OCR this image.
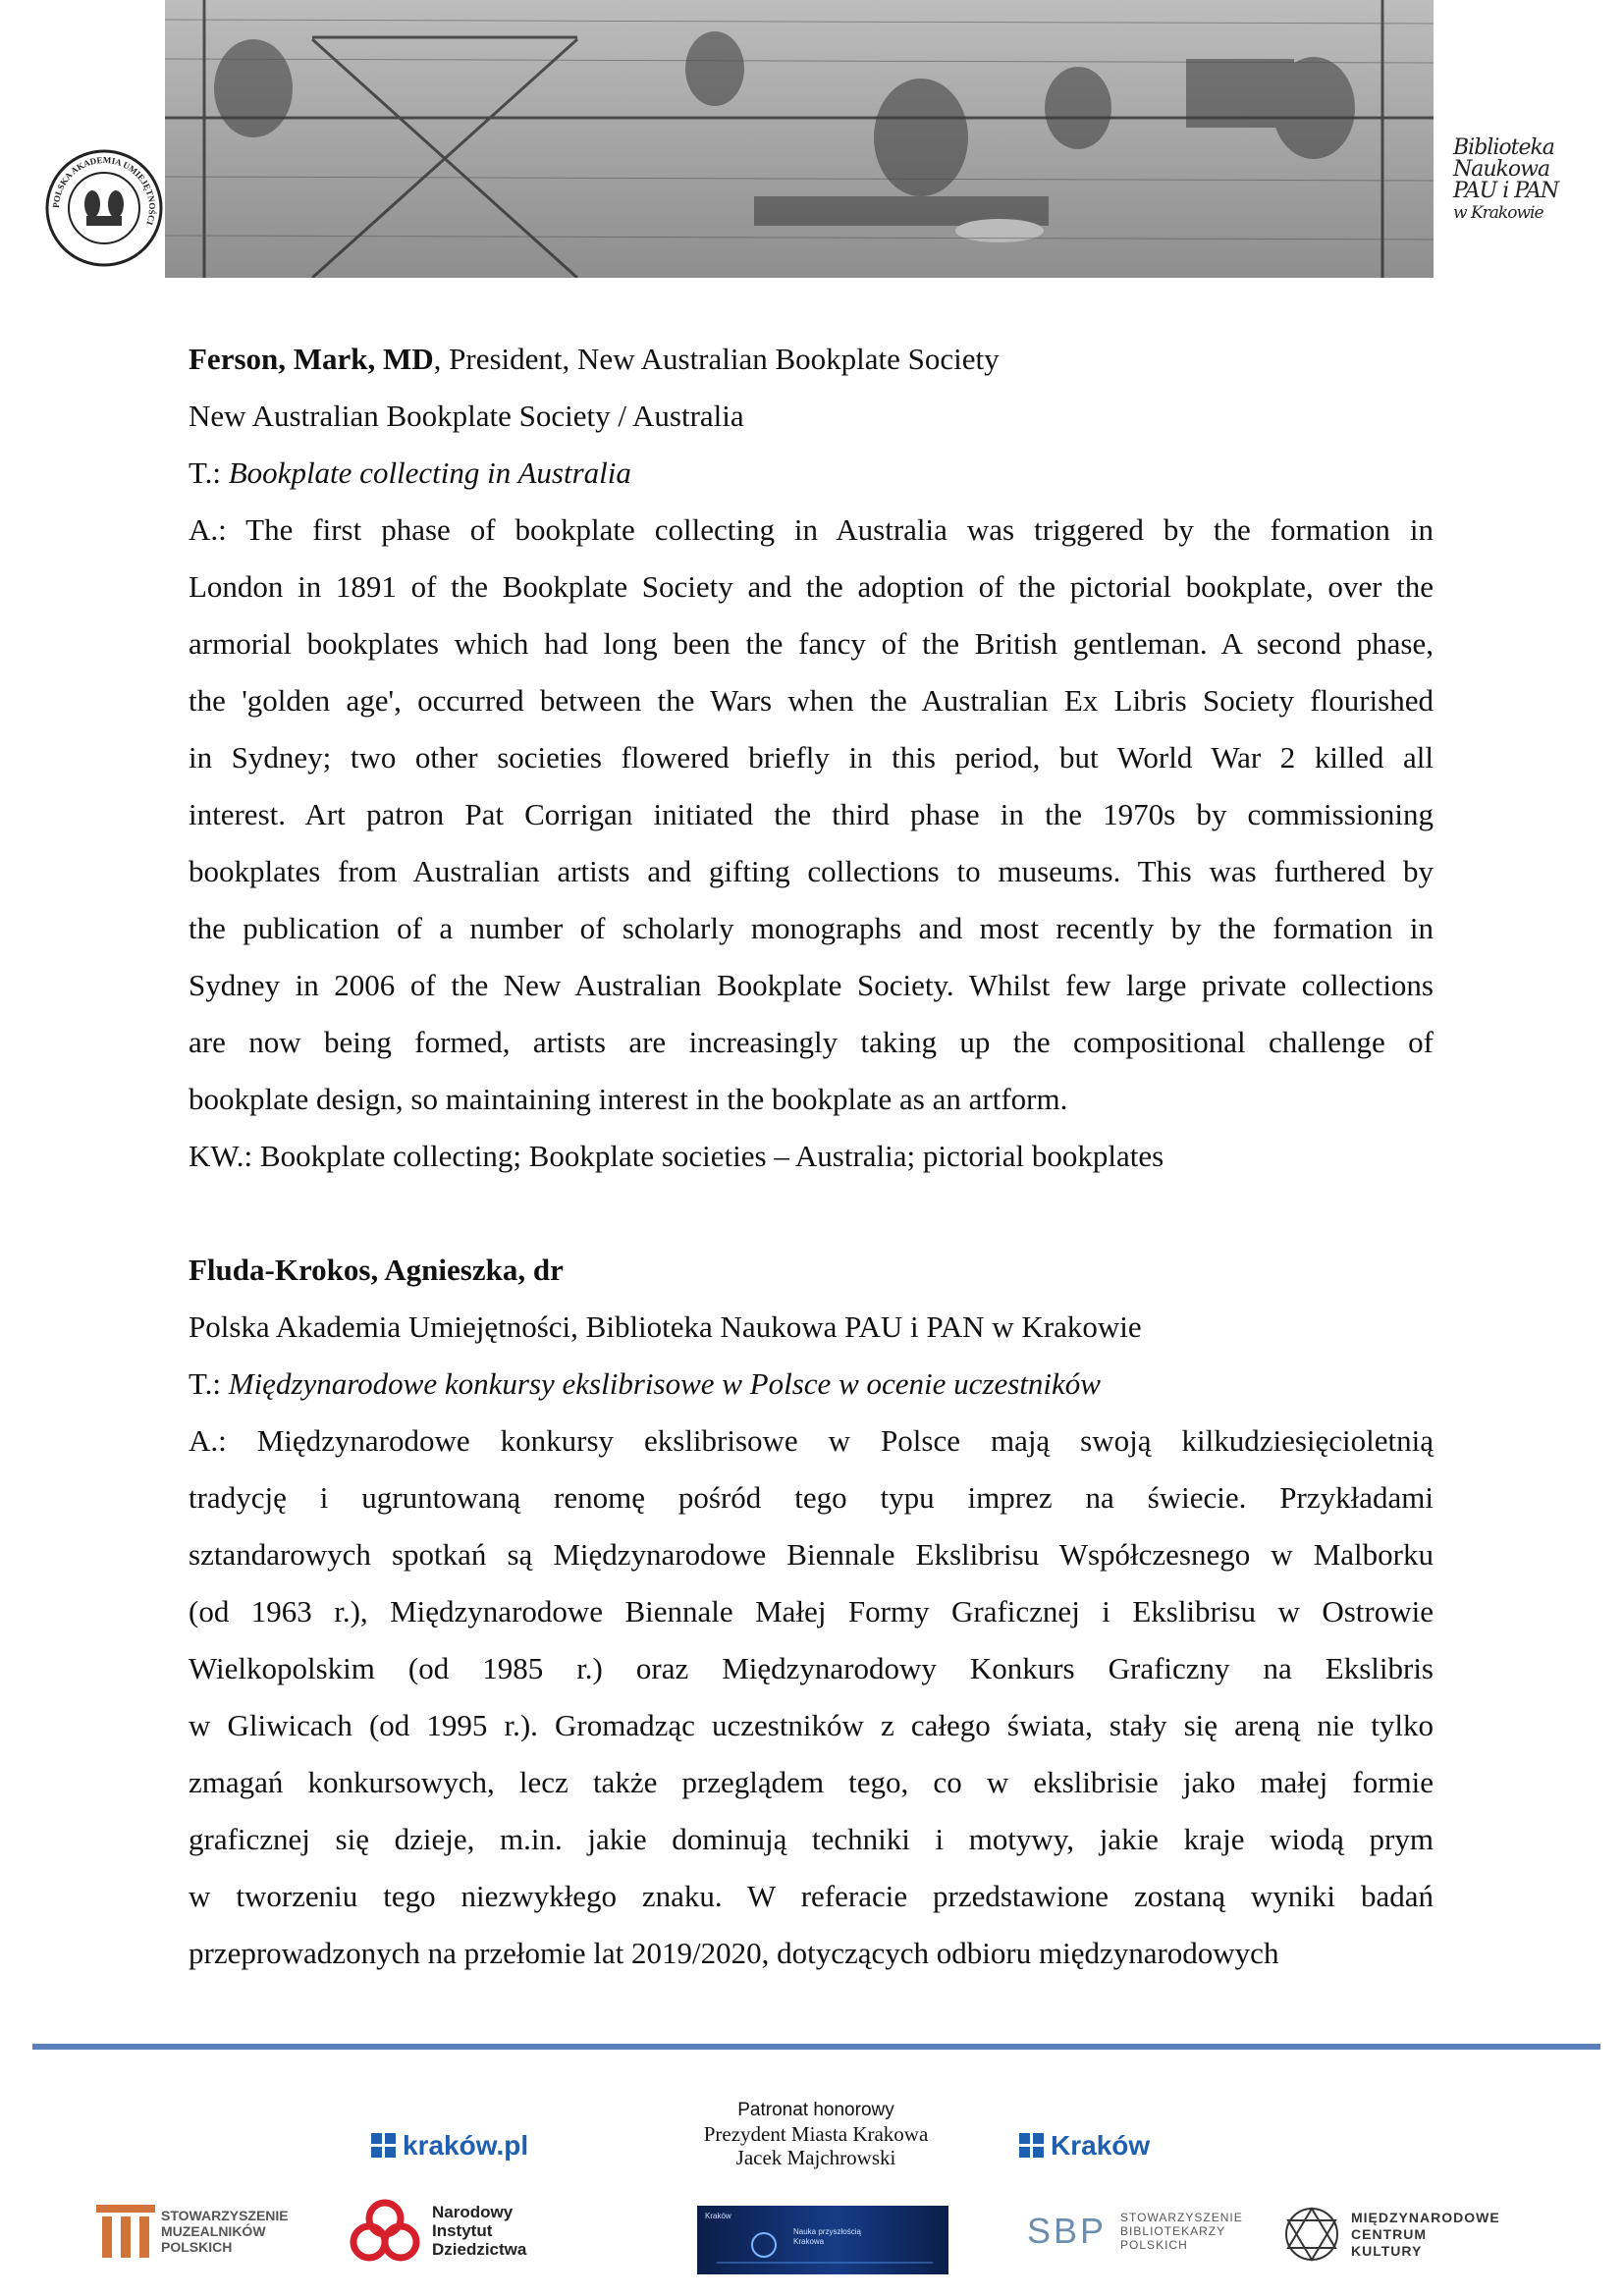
POLSKA AKADEMIA UMIEJĘTNOŚCI
Biblioteka
Naukowa
PAU i PAN
w Krakowie
Ferson, Mark, MD, President, New Australian Bookplate Society
New Australian Bookplate Society / Australia
T.: Bookplate collecting in Australia
A.: The first phase of bookplate collecting in Australia was triggered by the formation in
London in 1891 of the Bookplate Society and the adoption of the pictorial bookplate, over the
armorial bookplates which had long been the fancy of the British gentleman. A second phase,
the 'golden age', occurred between the Wars when the Australian Ex Libris Society flourished
in Sydney; two other societies flowered briefly in this period, but World War 2 killed all
interest. Art patron Pat Corrigan initiated the third phase in the 1970s by commissioning
bookplates from Australian artists and gifting collections to museums. This was furthered by
the publication of a number of scholarly monographs and most recently by the formation in
Sydney in 2006 of the New Australian Bookplate Society. Whilst few large private collections
are now being formed, artists are increasingly taking up the compositional challenge of
bookplate design, so maintaining interest in the bookplate as an artform.
KW.: Bookplate collecting; Bookplate societies – Australia; pictorial bookplates
Fluda-Krokos, Agnieszka, dr
Polska Akademia Umiejętności, Biblioteka Naukowa PAU i PAN w Krakowie
T.: Międzynarodowe konkursy ekslibrisowe w Polsce w ocenie uczestników
A.: Międzynarodowe konkursy ekslibrisowe w Polsce mają swoją kilkudziesięcioletnią
tradycję i ugruntowaną renomę pośród tego typu imprez na świecie. Przykładami
sztandarowych spotkań są Międzynarodowe Biennale Ekslibrisu Współczesnego w Malborku
(od 1963 r.), Międzynarodowe Biennale Małej Formy Graficznej i Ekslibrisu w Ostrowie
Wielkopolskim (od 1985 r.) oraz Międzynarodowy Konkurs Graficzny na Ekslibris
w Gliwicach (od 1995 r.). Gromadząc uczestników z całego świata, stały się areną nie tylko
zmagań konkursowych, lecz także przeglądem tego, co w ekslibrisie jako małej formie
graficznej się dzieje, m.in. jakie dominują techniki i motywy, jakie kraje wiodą prym
w tworzeniu tego niezwykłego znaku. W referacie przedstawione zostaną wyniki badań
przeprowadzonych na przełomie lat 2019/2020, dotyczących odbioru międzynarodowych
Patronat honorowy
Prezydent Miasta Krakowa
Jacek Majchrowski
kraków.pl	Kraków
STOWARZYSZENIE
MUZEALNIKÓW
POLSKICH
Narodowy
Instytut
Dziedzictwa
Kraków
Nauka przyszłością Krakowa	SBP STOWARZYSZENIE
BIBLIOTEKARZY
POLSKICH
MIĘDZYNARODOWE
CENTRUM
KULTURY
